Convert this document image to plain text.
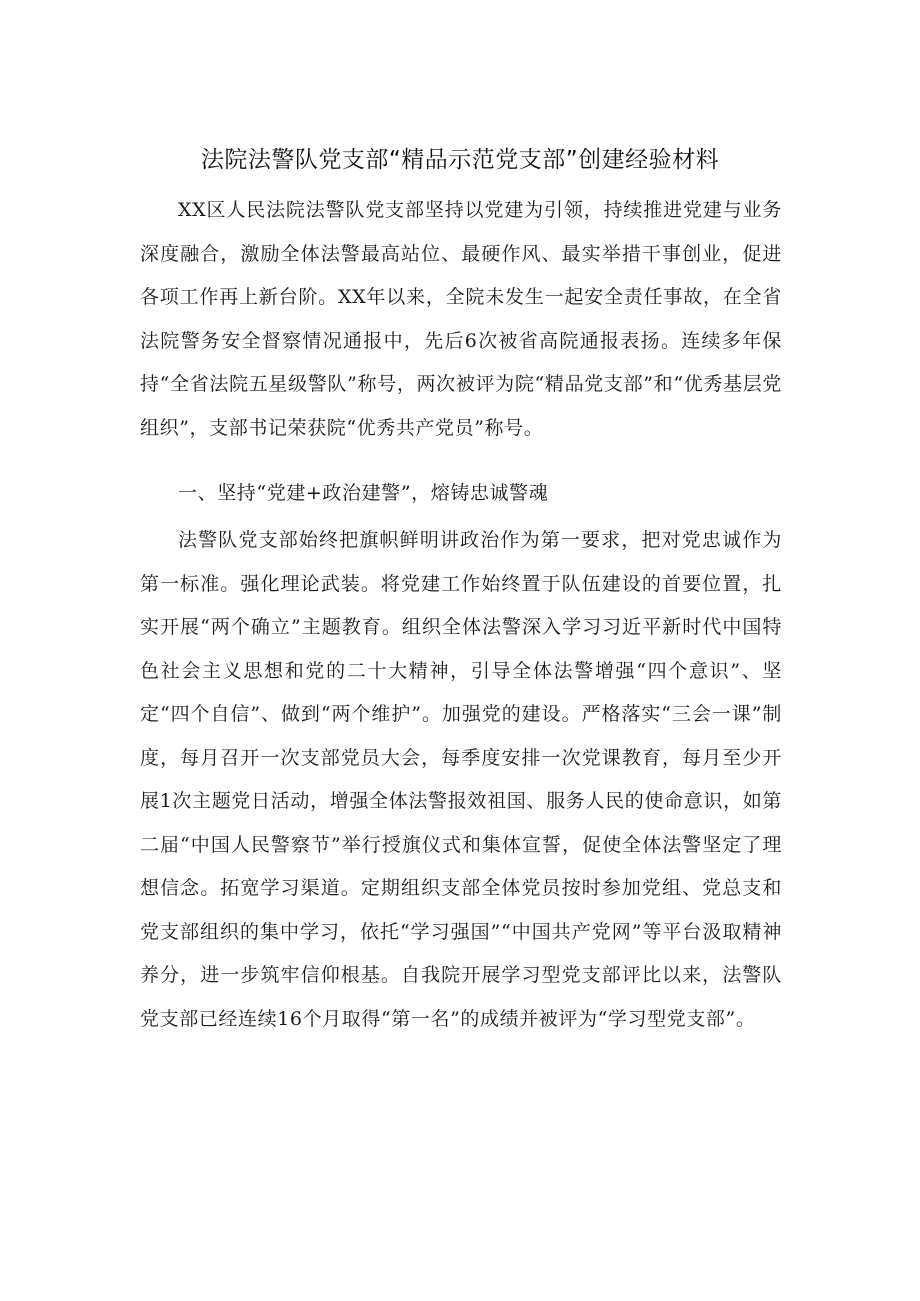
法院法警队党支部“精品示范党支部”创建经验材料

XX区人民法院法警队党支部坚持以党建为引领，持续推进党建与业务深度融合，激励全体法警最高站位、最硬作风、最实举措干事创业，促进各项工作再上新台阶。XX年以来，全院未发生一起安全责任事故，在全省法院警务安全督察情况通报中，先后6次被省高院通报表扬。连续多年保持“全省法院五星级警队”称号，两次被评为院“精品党支部”和“优秀基层党组织”，支部书记荣获院“优秀共产党员”称号。

一、坚持“党建+政治建警”，熔铸忠诚警魂

法警队党支部始终把旗帜鲜明讲政治作为第一要求，把对党忠诚作为第一标准。强化理论武装。将党建工作始终置于队伍建设的首要位置，扎实开展“两个确立”主题教育。组织全体法警深入学习习近平新时代中国特色社会主义思想和党的二十大精神，引导全体法警增强“四个意识”、坚定“四个自信”、做到“两个维护”。加强党的建设。严格落实“三会一课”制度，每月召开一次支部党员大会，每季度安排一次党课教育，每月至少开展1次主题党日活动，增强全体法警报效祖国、服务人民的使命意识，如第二届“中国人民警察节”举行授旗仪式和集体宣誓，促使全体法警坚定了理想信念。拓宽学习渠道。定期组织支部全体党员按时参加党组、党总支和党支部组织的集中学习，依托“学习强国”“中国共产党网”等平台汲取精神养分，进一步筑牢信仰根基。自我院开展学习型党支部评比以来，法警队党支部已经连续16个月取得“第一名”的成绩并被评为“学习型党支部”。
